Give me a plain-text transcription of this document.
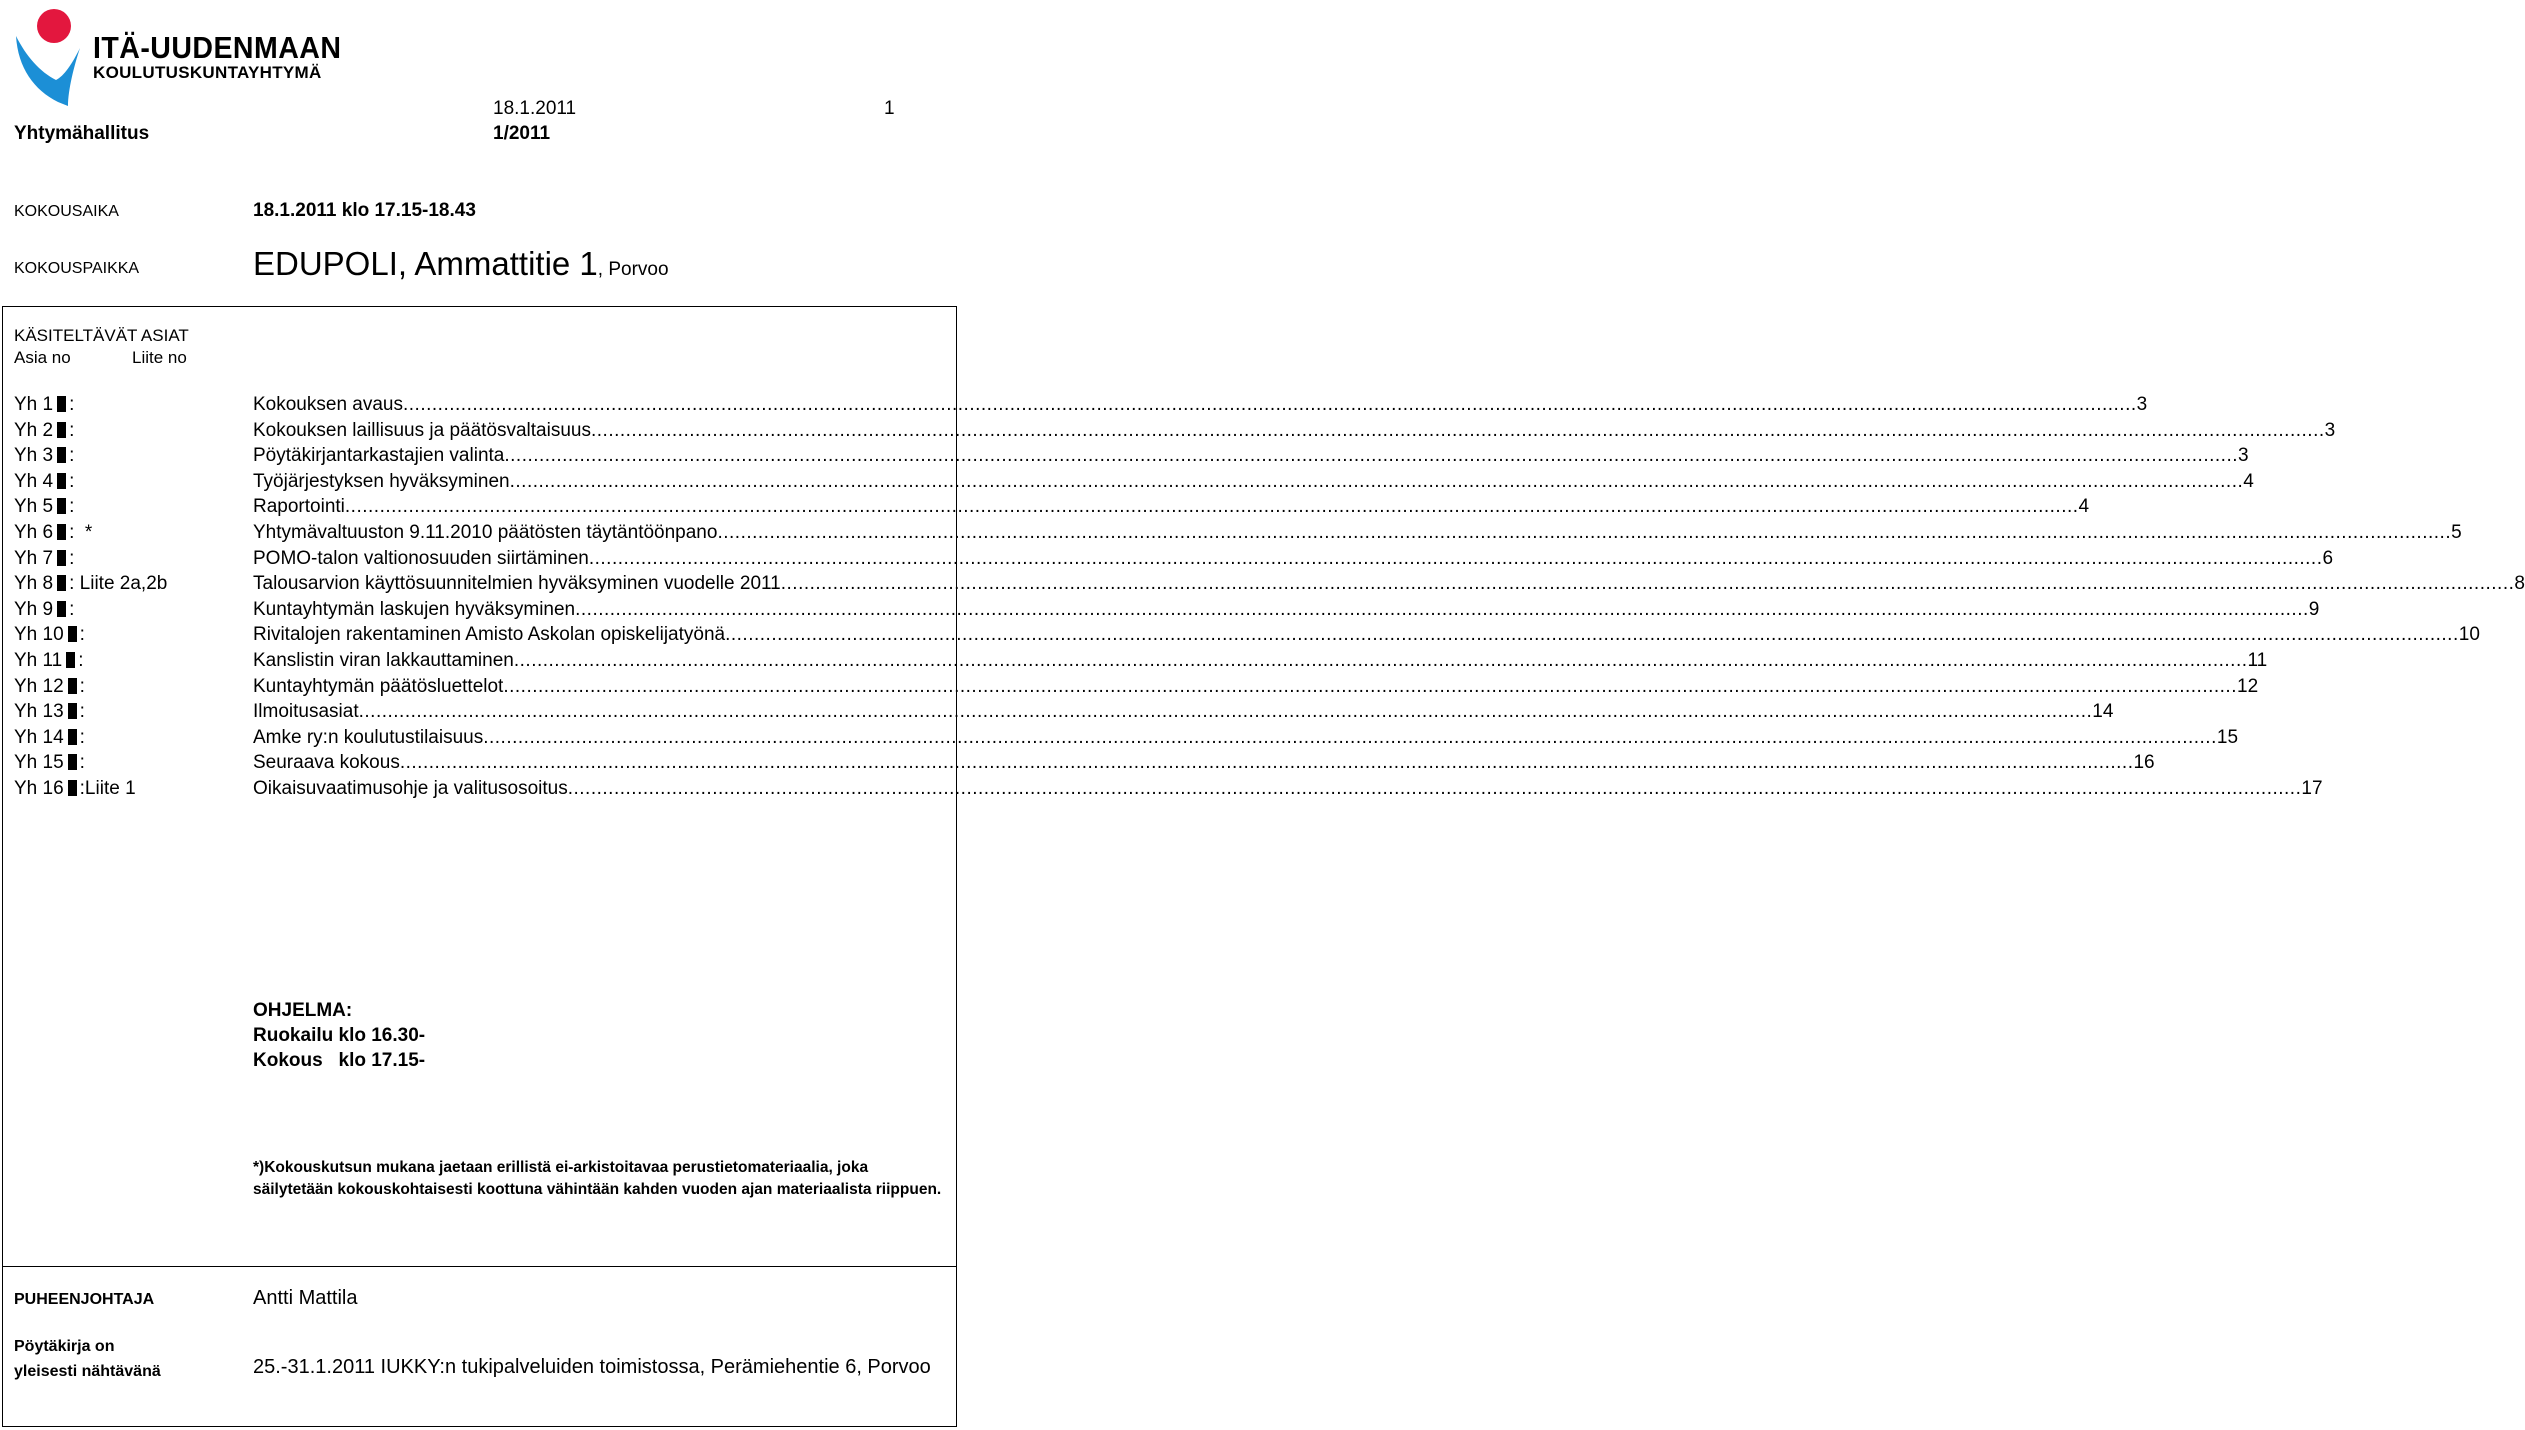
ITÄ-UUDENMAAN
KOULUTUSKUNTAYHTYMÄ
18.1.2011	1
Yhtymähallitus	1/2011
KOKOUSAIKA	18.1.2011 klo 17.15-18.43
KOKOUSPAIKKA	EDUPOLI, Ammattitie 1, Porvoo
KÄSITELTÄVÄT ASIAT
Asia no	Liite no
Yh 1 :	Kokouksen avaus ............................................................................................................................................................................................................................................................................................................ 3
Yh 2 :	Kokouksen laillisuus ja päätösvaltaisuus ............................................................................................................................................................................................................................................................................................................ 3
Yh 3 :	Pöytäkirjantarkastajien valinta ............................................................................................................................................................................................................................................................................................................ 3
Yh 4 :	Työjärjestyksen hyväksyminen ............................................................................................................................................................................................................................................................................................................ 4
Yh 5 :	Raportointi ............................................................................................................................................................................................................................................................................................................ 4
Yh 6 :  *	Yhtymävaltuuston 9.11.2010 päätösten täytäntöönpano ............................................................................................................................................................................................................................................................................................................ 5
Yh 7 :	POMO-talon valtionosuuden siirtäminen ............................................................................................................................................................................................................................................................................................................ 6
Yh 8 : Liite 2a,2b	Talousarvion käyttösuunnitelmien hyväksyminen vuodelle 2011 ............................................................................................................................................................................................................................................................................................................ 8
Yh 9 :	Kuntayhtymän laskujen hyväksyminen ............................................................................................................................................................................................................................................................................................................ 9
Yh 10 :	Rivitalojen rakentaminen Amisto Askolan opiskelijatyönä ............................................................................................................................................................................................................................................................................................................ 10
Yh 11 :	Kanslistin viran lakkauttaminen ............................................................................................................................................................................................................................................................................................................ 11
Yh 12 :	Kuntayhtymän päätösluettelot ............................................................................................................................................................................................................................................................................................................ 12
Yh 13 :	Ilmoitusasiat ............................................................................................................................................................................................................................................................................................................ 14
Yh 14 :	Amke ry:n koulutustilaisuus ............................................................................................................................................................................................................................................................................................................ 15
Yh 15 :	Seuraava kokous ............................................................................................................................................................................................................................................................................................................ 16
Yh 16 :Liite 1	Oikaisuvaatimusohje ja valitusosoitus ............................................................................................................................................................................................................................................................................................................ 17
OHJELMA:
Ruokailu klo 16.30-
Kokous   klo 17.15-
*)Kokouskutsun mukana jaetaan erillistä ei-arkistoitavaa perustietomateriaalia, joka säilytetään kokouskohtaisesti koottuna vähintään kahden vuoden ajan materiaalista riippuen.
PUHEENJOHTAJA	Antti Mattila
Pöytäkirja on
yleisesti nähtävänä	25.-31.1.2011 IUKKY:n tukipalveluiden toimistossa, Perämiehentie 6, Porvoo
